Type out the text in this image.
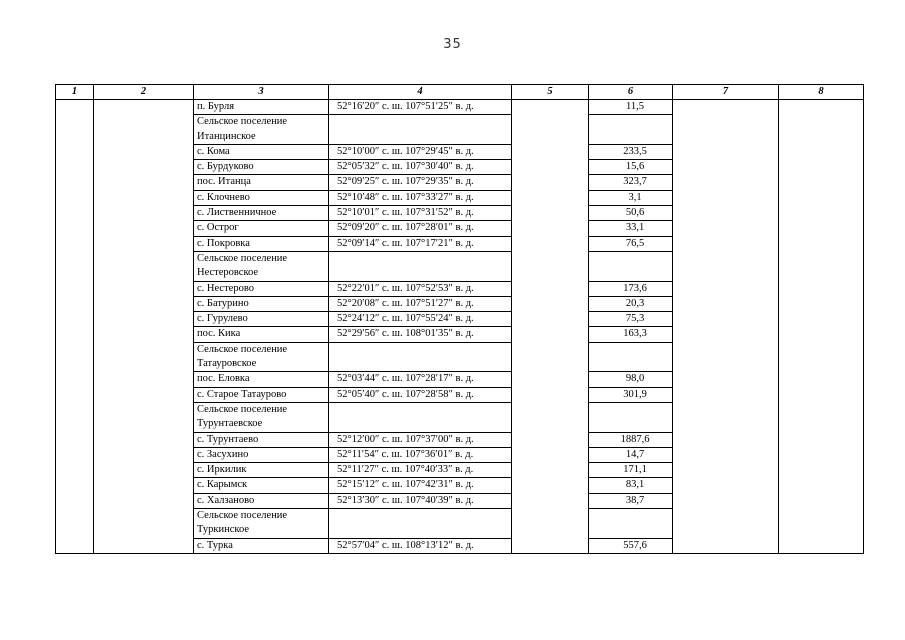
35
1	2	3	4	5	6	7	8
		п. Бурля	52°16′20″ с. ш. 107°51′25″ в. д.		11,5		
		Сельское поселение Итанцинское					
		с. Кома	52°10′00″ с. ш. 107°29′45″ в. д.		233,5		
		с. Бурдуково	52°05′32″ с. ш. 107°30′40″ в. д.		15,6		
		пос. Итанца	52°09′25″ с. ш. 107°29′35″ в. д.		323,7		
		с. Клочнево	52°10′48″ с. ш. 107°33′27″ в. д.		3,1		
		с. Лиственничное	52°10′01″ с. ш. 107°31′52″ в. д.		50,6		
		с. Острог	52°09′20″ с. ш. 107°28′01″ в. д.		33,1		
		с. Покровка	52°09′14″ с. ш. 107°17′21″ в. д.		76,5		
		Сельское поселение Нестеровское					
		с. Нестерово	52°22′01″ с. ш. 107°52′53″ в. д.		173,6		
		с. Батурино	52°20′08″ с. ш. 107°51′27″ в. д.		20,3		
		с. Гурулево	52°24′12″ с. ш. 107°55′24″ в. д.		75,3		
		пос. Кика	52°29′56″ с. ш. 108°01′35″ в. д.		163,3		
		Сельское поселение Татауровское					
		пос. Еловка	52°03′44″ с. ш. 107°28′17″ в. д.		98,0		
		с. Старое Татаурово	52°05′40″ с. ш. 107°28′58″ в. д.		301,9		
		Сельское поселение Турунтаевское					
		с. Турунтаево	52°12′00″ с. ш. 107°37′00″ в. д.		1887,6		
		с. Засухино	52°11′54″ с. ш. 107°36′01″ в. д.		14,7		
		с. Иркилик	52°11′27″ с. ш. 107°40′33″ в. д.		171,1		
		с. Карымск	52°15′12″ с. ш. 107°42′31″ в. д.		83,1		
		с. Халзаново	52°13′30″ с. ш. 107°40′39″ в. д.		38,7		
		Сельское поселение Туркинское					
		с. Турка	52°57′04″ с. ш. 108°13′12″ в. д.		557,6		
